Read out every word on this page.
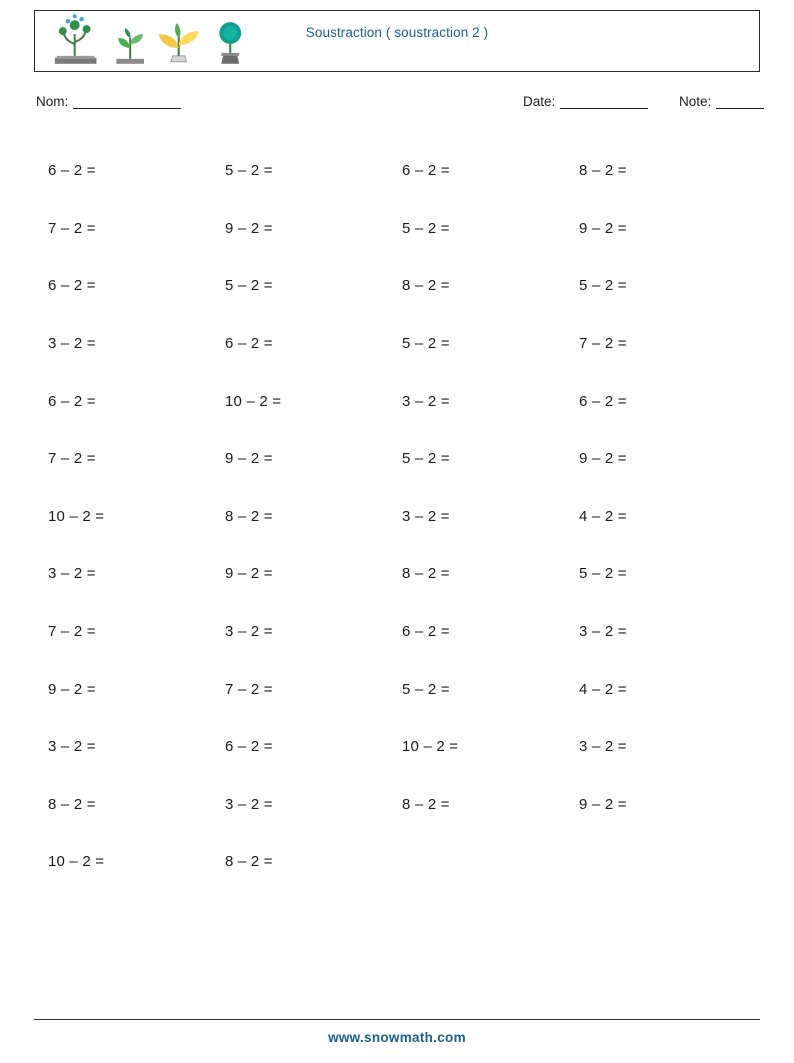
Soustraction ( soustraction 2 )
Nom:	Date:	Note:
6 – 2 =	5 – 2 =	6 – 2 =	8 – 2 =
7 – 2 =	9 – 2 =	5 – 2 =	9 – 2 =
6 – 2 =	5 – 2 =	8 – 2 =	5 – 2 =
3 – 2 =	6 – 2 =	5 – 2 =	7 – 2 =
6 – 2 =	10 – 2 =	3 – 2 =	6 – 2 =
7 – 2 =	9 – 2 =	5 – 2 =	9 – 2 =
10 – 2 =	8 – 2 =	3 – 2 =	4 – 2 =
3 – 2 =	9 – 2 =	8 – 2 =	5 – 2 =
7 – 2 =	3 – 2 =	6 – 2 =	3 – 2 =
9 – 2 =	7 – 2 =	5 – 2 =	4 – 2 =
3 – 2 =	6 – 2 =	10 – 2 =	3 – 2 =
8 – 2 =	3 – 2 =	8 – 2 =	9 – 2 =
10 – 2 =	8 – 2 =
www.snowmath.com
